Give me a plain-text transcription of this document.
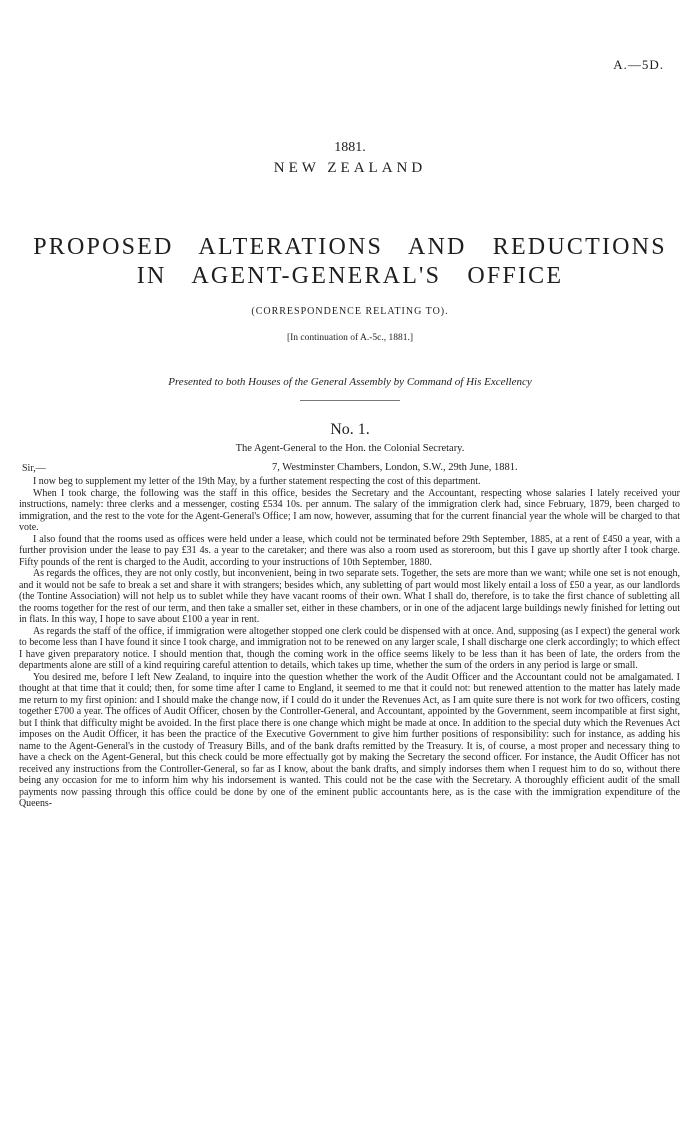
A.—5D.
1881.
NEW ZEALAND
PROPOSED ALTERATIONS AND REDUCTIONS
IN AGENT-GENERAL'S OFFICE
(CORRESPONDENCE RELATING TO).
[In continuation of A.-5c., 1881.]
Presented to both Houses of the General Assembly by Command of His Excellency
No. 1.
The Agent-General to the Hon. the Colonial Secretary.
Sir,—	7, Westminster Chambers, London, S.W., 29th June, 1881.

I now beg to supplement my letter of the 19th May, by a further statement respecting the cost of this department.

When I took charge, the following was the staff in this office, besides the Secretary and the Accountant, respecting whose salaries I lately received your instructions, namely: three clerks and a messenger, costing £534 10s. per annum. The salary of the immigration clerk had, since February, 1879, been charged to immigration, and the rest to the vote for the Agent-General's Office; I am now, however, assuming that for the current financial year the whole will be charged to that vote.

I also found that the rooms used as offices were held under a lease, which could not be terminated before 29th September, 1885, at a rent of £450 a year, with a further provision under the lease to pay £31 4s. a year to the caretaker; and there was also a room used as storeroom, but this I gave up shortly after I took charge. Fifty pounds of the rent is charged to the Audit, according to your instructions of 10th September, 1880.

As regards the offices, they are not only costly, but inconvenient, being in two separate sets. Together, the sets are more than we want; while one set is not enough, and it would not be safe to break a set and share it with strangers; besides which, any subletting of part would most likely entail a loss of £50 a year, as our landlords (the Tontine Association) will not help us to sublet while they have vacant rooms of their own. What I shall do, therefore, is to take the first chance of subletting all the rooms together for the rest of our term, and then take a smaller set, either in these chambers, or in one of the adjacent large buildings newly finished for letting out in flats. In this way, I hope to save about £100 a year in rent.

As regards the staff of the office, if immigration were altogether stopped one clerk could be dispensed with at once. And, supposing (as I expect) the general work to become less than I have found it since I took charge, and immigration not to be renewed on any larger scale, I shall discharge one clerk accordingly; to which effect I have given preparatory notice. I should mention that, though the coming work in the office seems likely to be less than it has been of late, the orders from the departments alone are still of a kind requiring careful attention to details, which takes up time, whether the sum of the orders in any period is large or small.

You desired me, before I left New Zealand, to inquire into the question whether the work of the Audit Officer and the Accountant could not be amalgamated. I thought at that time that it could; then, for some time after I came to England, it seemed to me that it could not: but renewed attention to the matter has lately made me return to my first opinion: and I should make the change now, if I could do it under the Revenues Act, as I am quite sure there is not work for two officers, costing together £700 a year. The offices of Audit Officer, chosen by the Controller-General, and Accountant, appointed by the Government, seem incompatible at first sight, but I think that difficulty might be avoided. In the first place there is one change which might be made at once. In addition to the special duty which the Revenues Act imposes on the Audit Officer, it has been the practice of the Executive Government to give him further positions of responsibility: such for instance, as adding his name to the Agent-General's in the custody of Treasury Bills, and of the bank drafts remitted by the Treasury. It is, of course, a most proper and necessary thing to have a check on the Agent-General, but this check could be more effectually got by making the Secretary the second officer. For instance, the Audit Officer has not received any instructions from the Controller-General, so far as I know, about the bank drafts, and simply indorses them when I request him to do so, without there being any occasion for me to inform him why his indorsement is wanted. This could not be the case with the Secretary. A thoroughly efficient audit of the small payments now passing through this office could be done by one of the eminent public accountants here, as is the case with the immigration expenditure of the Queens-
